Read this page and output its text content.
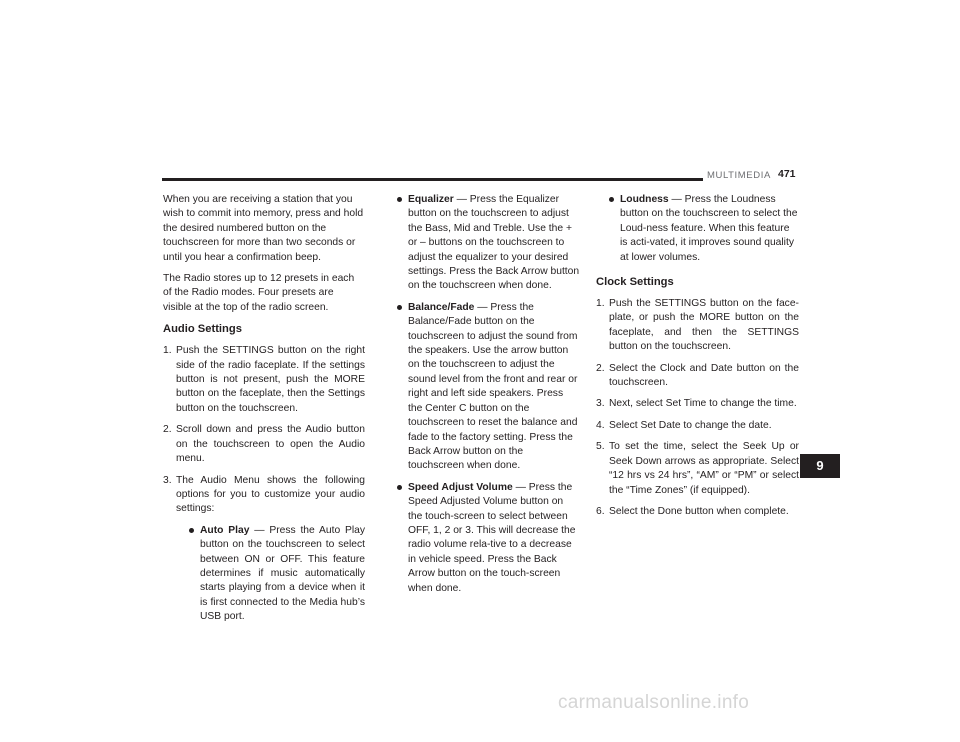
MULTIMEDIA 471

When you are receiving a station that you wish to commit into memory, press and hold the desired numbered button on the touchscreen for more than two seconds or until you hear a confirmation beep.

The Radio stores up to 12 presets in each of the Radio modes. Four presets are visible at the top of the radio screen.

Audio Settings
1. Push the SETTINGS button on the right side of the radio faceplate. If the settings button is not present, push the MORE button on the faceplate, then the Settings button on the touchscreen.
2. Scroll down and press the Audio button on the touchscreen to open the Audio menu.
3. The Audio Menu shows the following options for you to customize your audio settings:
Auto Play — Press the Auto Play button on the touchscreen to select between ON or OFF. This feature determines if music automatically starts playing from a device when it is first connected to the Media hub’s USB port.
Equalizer — Press the Equalizer button on the touchscreen to adjust the Bass, Mid and Treble. Use the + or – buttons on the touchscreen to adjust the equalizer to your desired settings. Press the Back Arrow button on the touchscreen when done.
Balance/Fade — Press the Balance/Fade button on the touchscreen to adjust the sound from the speakers. Use the arrow button on the touchscreen to adjust the sound level from the front and rear or right and left side speakers. Press the Center C button on the touchscreen to reset the balance and fade to the factory setting. Press the Back Arrow button on the touchscreen when done.
Speed Adjust Volume — Press the Speed Adjusted Volume button on the touch-screen to select between OFF, 1, 2 or 3. This will decrease the radio volume rela-tive to a decrease in vehicle speed. Press the Back Arrow button on the touch-screen when done.
Loudness — Press the Loudness button on the touchscreen to select the Loud-ness feature. When this feature is acti-vated, it improves sound quality at lower volumes.
Clock Settings
1. Push the SETTINGS button on the face-plate, or push the MORE button on the faceplate, and then the SETTINGS button on the touchscreen.
2. Select the Clock and Date button on the touchscreen.
3. Next, select Set Time to change the time.
4. Select Set Date to change the date.
5. To set the time, select the Seek Up or Seek Down arrows as appropriate. Select “12 hrs vs 24 hrs”, “AM” or “PM” or select the “Time Zones” (if equipped).
6. Select the Done button when complete.
9
carmanualsonline.info
